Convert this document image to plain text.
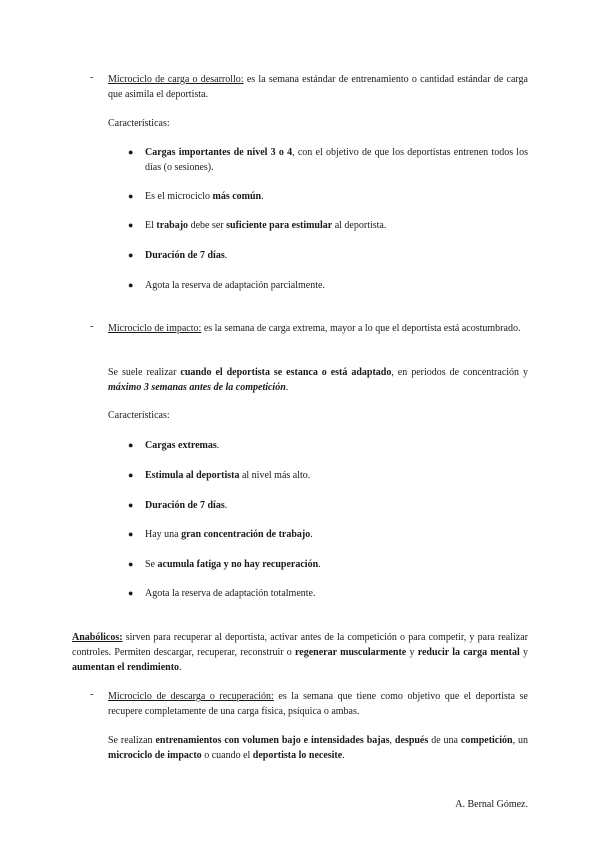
- Microciclo de carga o desarrollo: es la semana estándar de entrenamiento o cantidad estándar de carga que asimila el deportista.
Características:
● Cargas importantes de nivel 3 o 4, con el objetivo de que los deportistas entrenen todos los días (o sesiones).
● Es el microciclo más común.
● El trabajo debe ser suficiente para estimular al deportista.
● Duración de 7 días.
● Agota la reserva de adaptación parcialmente.
- Microciclo de impacto: es la semana de carga extrema, mayor a lo que el deportista está acostumbrado.
Se suele realizar cuando el deportista se estanca o está adaptado, en periodos de concentración y máximo 3 semanas antes de la competición.
Características:
● Cargas extremas.
● Estimula al deportista al nivel más alto.
● Duración de 7 días.
● Hay una gran concentración de trabajo.
● Se acumula fatiga y no hay recuperación.
● Agota la reserva de adaptación totalmente.
Anabólicos: sirven para recuperar al deportista, activar antes de la competición o para competir, y para realizar controles. Permiten descargar, recuperar, reconstruir o regenerar muscularmente y reducir la carga mental y aumentan el rendimiento.
- Microciclo de descarga o recuperación: es la semana que tiene como objetivo que el deportista se recupere completamente de una carga física, psíquica o ambas.
Se realizan entrenamientos con volumen bajo e intensidades bajas, después de una competición, un microciclo de impacto o cuando el deportista lo necesite.
A. Bernal Gómez.
